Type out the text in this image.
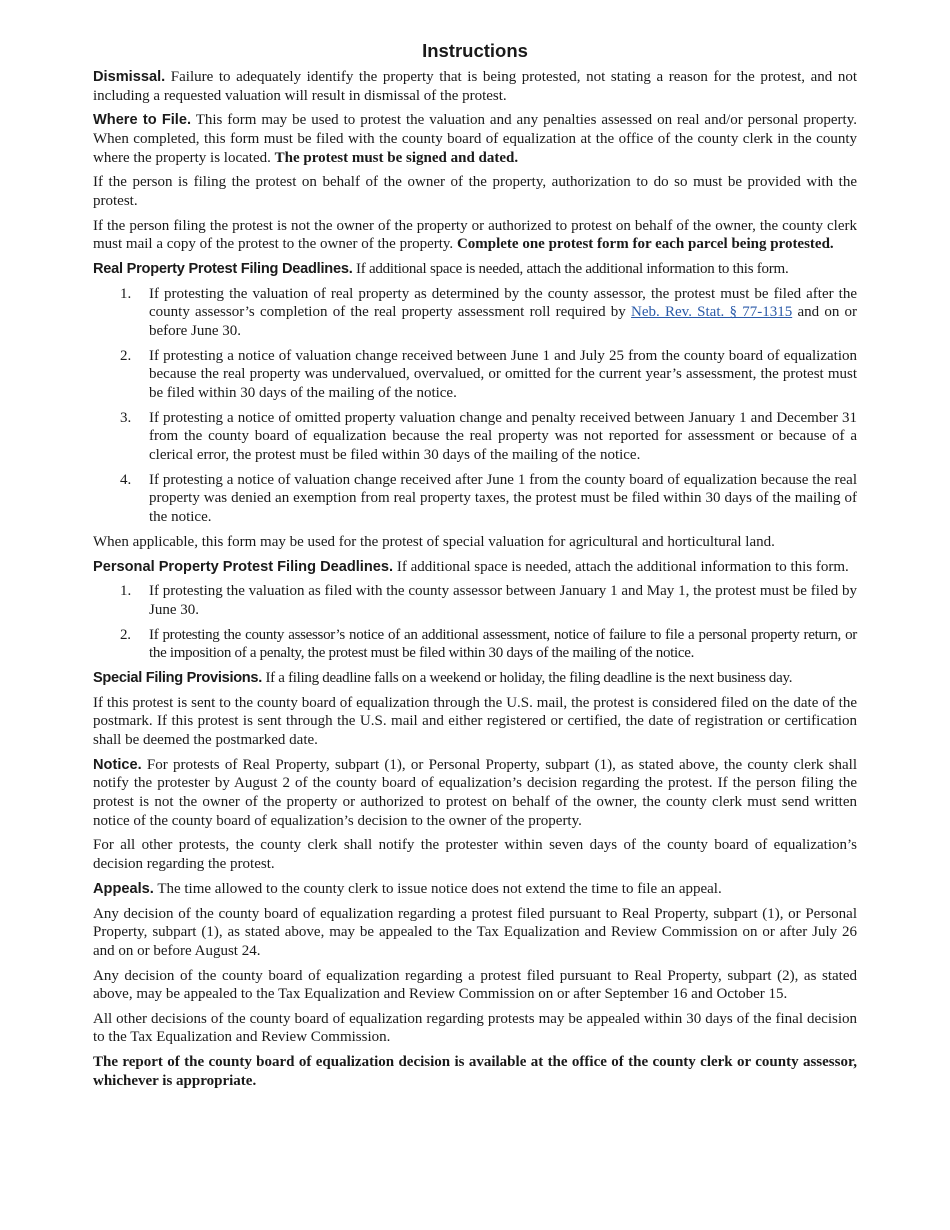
Instructions

Dismissal. Failure to adequately identify the property that is being protested, not stating a reason for the protest, and not including a requested valuation will result in dismissal of the protest.

Where to File. This form may be used to protest the valuation and any penalties assessed on real and/or personal property. When completed, this form must be filed with the county board of equalization at the office of the county clerk in the county where the property is located. The protest must be signed and dated.

If the person is filing the protest on behalf of the owner of the property, authorization to do so must be provided with the protest.

If the person filing the protest is not the owner of the property or authorized to protest on behalf of the owner, the county clerk must mail a copy of the protest to the owner of the property. Complete one protest form for each parcel being protested.

Real Property Protest Filing Deadlines. If additional space is needed, attach the additional information to this form.

1. If protesting the valuation of real property as determined by the county assessor, the protest must be filed after the county assessor’s completion of the real property assessment roll required by Neb. Rev. Stat. § 77-1315 and on or before June 30.
2. If protesting a notice of valuation change received between June 1 and July 25 from the county board of equalization because the real property was undervalued, overvalued, or omitted for the current year’s assessment, the protest must be filed within 30 days of the mailing of the notice.
3. If protesting a notice of omitted property valuation change and penalty received between January 1 and December 31 from the county board of equalization because the real property was not reported for assessment or because of a clerical error, the protest must be filed within 30 days of the mailing of the notice.
4. If protesting a notice of valuation change received after June 1 from the county board of equalization because the real property was denied an exemption from real property taxes, the protest must be filed within 30 days of the mailing of the notice.

When applicable, this form may be used for the protest of special valuation for agricultural and horticultural land.

Personal Property Protest Filing Deadlines. If additional space is needed, attach the additional information to this form.

1. If protesting the valuation as filed with the county assessor between January 1 and May 1, the protest must be filed by June 30.
2. If protesting the county assessor’s notice of an additional assessment, notice of failure to file a personal property return, or the imposition of a penalty, the protest must be filed within 30 days of the mailing of the notice.

Special Filing Provisions. If a filing deadline falls on a weekend or holiday, the filing deadline is the next business day.

If this protest is sent to the county board of equalization through the U.S. mail, the protest is considered filed on the date of the postmark. If this protest is sent through the U.S. mail and either registered or certified, the date of registration or certification shall be deemed the postmarked date.

Notice. For protests of Real Property, subpart (1), or Personal Property, subpart (1), as stated above, the county clerk shall notify the protester by August 2 of the county board of equalization’s decision regarding the protest. If the person filing the protest is not the owner of the property or authorized to protest on behalf of the owner, the county clerk must send written notice of the county board of equalization’s decision to the owner of the property.

For all other protests, the county clerk shall notify the protester within seven days of the county board of equalization’s decision regarding the protest.

Appeals. The time allowed to the county clerk to issue notice does not extend the time to file an appeal.

Any decision of the county board of equalization regarding a protest filed pursuant to Real Property, subpart (1), or Personal Property, subpart (1), as stated above, may be appealed to the Tax Equalization and Review Commission on or after July 26 and on or before August 24.

Any decision of the county board of equalization regarding a protest filed pursuant to Real Property, subpart (2), as stated above, may be appealed to the Tax Equalization and Review Commission on or after September 16 and October 15.

All other decisions of the county board of equalization regarding protests may be appealed within 30 days of the final decision to the Tax Equalization and Review Commission.

The report of the county board of equalization decision is available at the office of the county clerk or county assessor, whichever is appropriate.
